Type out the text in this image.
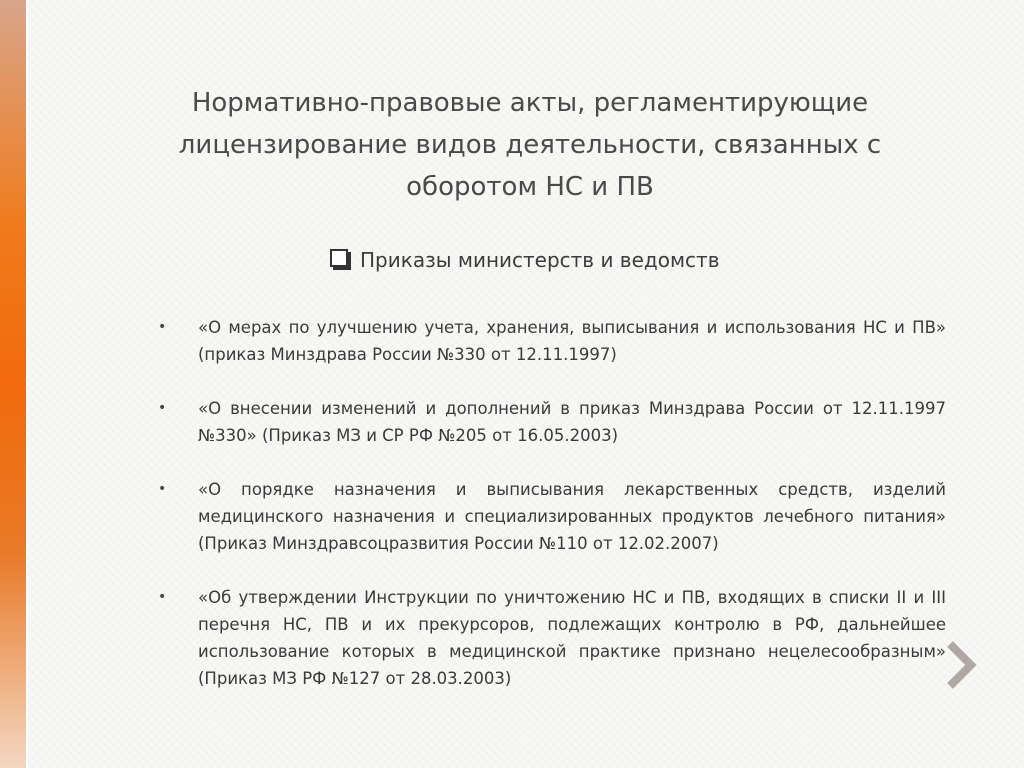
Нормативно-правовые акты, регламентирующие лицензирование видов деятельности, связанных с оборотом НС и ПВ
Приказы министерств и ведомств
• «О мерах по улучшению учета, хранения, выписывания и использования НС и ПВ» (приказ Минздрава России №330 от 12.11.1997)
• «О внесении изменений и дополнений в приказ Минздрава России от 12.11.1997 №330» (Приказ МЗ и СР РФ №205 от 16.05.2003)
• «О порядке назначения и выписывания лекарственных средств, изделий медицинского назначения и специализированных продуктов лечебного питания» (Приказ Минздравсоцразвития России №110 от 12.02.2007)
• «Об утверждении Инструкции по уничтожению НС и ПВ, входящих в списки II и III перечня НС, ПВ и их прекурсоров, подлежащих контролю в РФ, дальнейшее использование которых в медицинской практике признано нецелесообразным» (Приказ МЗ РФ №127 от 28.03.2003)
